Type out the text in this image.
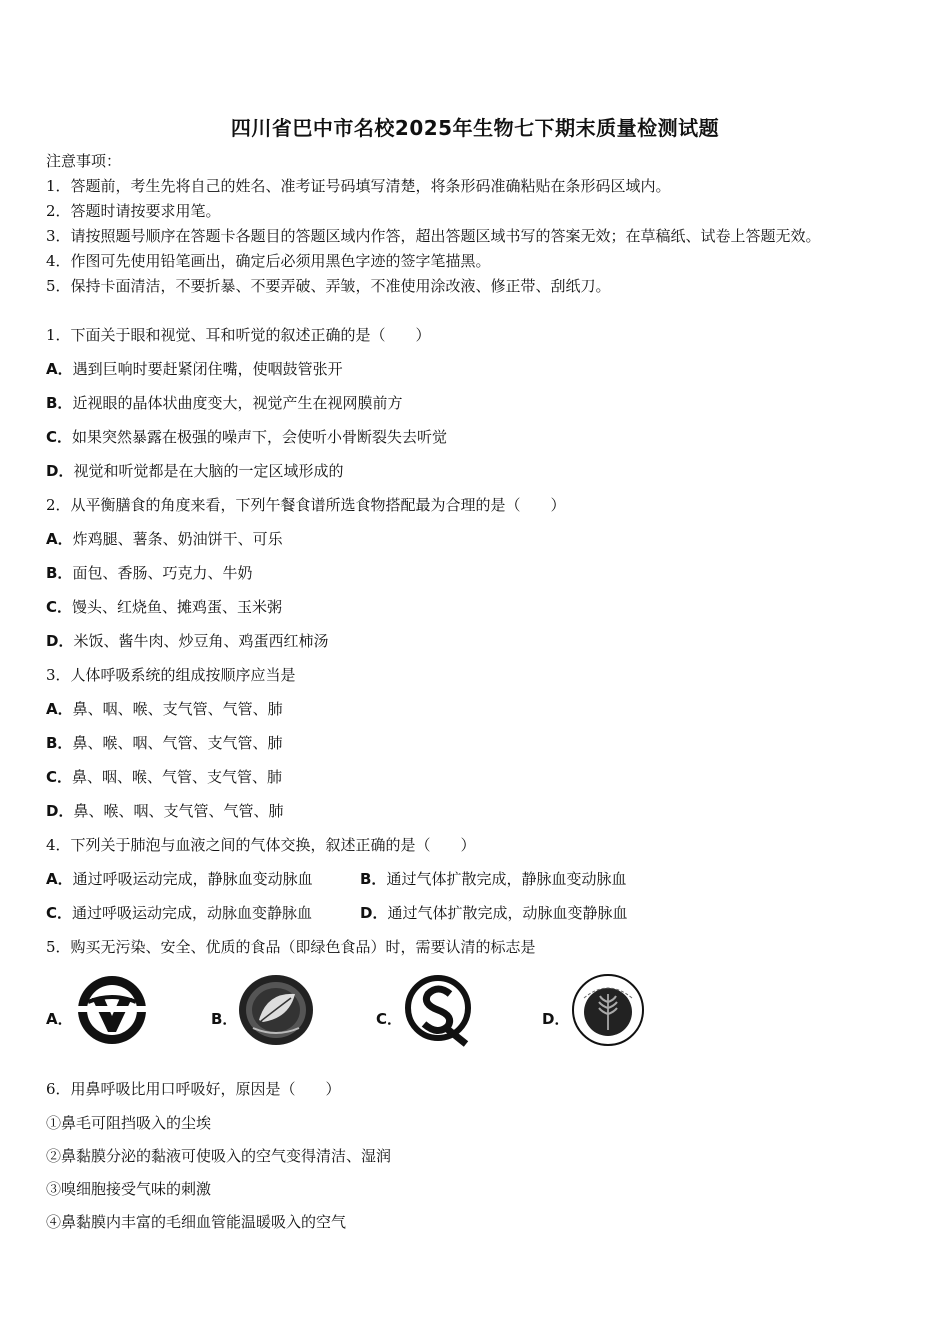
四川省巴中市名校2025年生物七下期末质量检测试题
注意事项：
1．答题前，考生先将自己的姓名、准考证号码填写清楚，将条形码准确粘贴在条形码区域内。
2．答题时请按要求用笔。
3．请按照题号顺序在答题卡各题目的答题区域内作答，超出答题区域书写的答案无效；在草稿纸、试卷上答题无效。
4．作图可先使用铅笔画出，确定后必须用黑色字迹的签字笔描黑。
5．保持卡面清洁，不要折暴、不要弄破、弄皱，不准使用涂改液、修正带、刮纸刀。
1．下面关于眼和视觉、耳和听觉的叙述正确的是（　　）
A．遇到巨响时要赶紧闭住嘴，使咽鼓管张开
B．近视眼的晶体状曲度变大，视觉产生在视网膜前方
C．如果突然暴露在极强的噪声下，会使听小骨断裂失去听觉
D．视觉和听觉都是在大脑的一定区域形成的
2．从平衡膳食的角度来看，下列午餐食谱所选食物搭配最为合理的是（　　）
A．炸鸡腿、薯条、奶油饼干、可乐
B．面包、香肠、巧克力、牛奶
C．馒头、红烧鱼、摊鸡蛋、玉米粥
D．米饭、酱牛肉、炒豆角、鸡蛋西红柿汤
3．人体呼吸系统的组成按顺序应当是
A．鼻、咽、喉、支气管、气管、肺
B．鼻、喉、咽、气管、支气管、肺
C．鼻、咽、喉、气管、支气管、肺
D．鼻、喉、咽、支气管、气管、肺
4．下列关于肺泡与血液之间的气体交换，叙述正确的是（　　）
A．通过呼吸运动完成，静脉血变动脉血	B．通过气体扩散完成，静脉血变动脉血
C．通过呼吸运动完成，动脉血变静脉血	D．通过气体扩散完成，动脉血变静脉血
5．购买无污染、安全、优质的食品（即绿色食品）时，需要认清的标志是
A．	B．	C．	D．
6．用鼻呼吸比用口呼吸好，原因是（　　）
①鼻毛可阻挡吸入的尘埃
②鼻黏膜分泌的黏液可使吸入的空气变得清洁、湿润
③嗅细胞接受气味的刺激
④鼻黏膜内丰富的毛细血管能温暖吸入的空气
